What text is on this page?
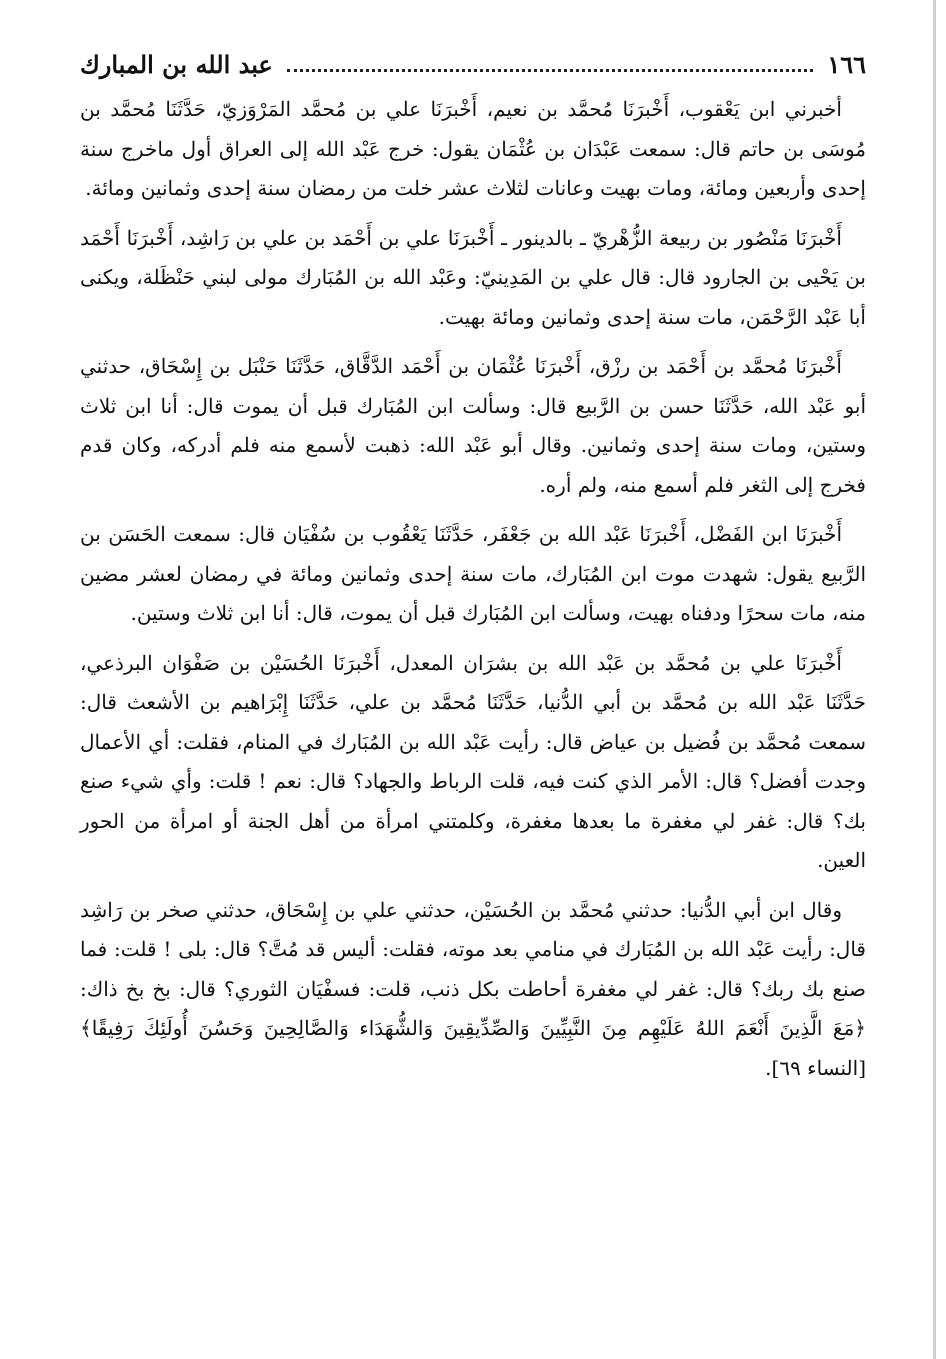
١٦٦
عبد الله بن المبارك

أخبرني ابن يَعْقوب، أَخْبرَنَا مُحمَّد بن نعيم، أَخْبرَنَا علي بن مُحمَّد المَرْوَزيّ، حَدَّثَنَا مُحمَّد بن مُوسَى بن حاتم قال: سمعت عَبْدَان بن عُثْمَان يقول: خرج عَبْد الله إلى العراق أول ماخرج سنة إحدى وأربعين ومائة، ومات بهيت وعانات لثلاث عشر خلت من رمضان سنة إحدى وثمانين ومائة.

أَخْبرَنَا مَنْصُور بن ربيعة الزُّهْريّ ـ بالدينور ـ أَخْبرَنَا علي بن أَحْمَد بن علي بن رَاشِد، أَخْبرَنَا أَحْمَد بن يَحْيى بن الجارود قال: قال علي بن المَدِينيّ: وعَبْد الله بن المُبَارك مولى لبني حَنْظَلة، ويكنى أبا عَبْد الرَّحْمَن، مات سنة إحدى وثمانين ومائة بهيت.

أَخْبرَنَا مُحمَّد بن أَحْمَد بن رزْق، أَخْبرَنَا عُثْمَان بن أَحْمَد الدَّقَّاق، حَدَّثَنَا حَنْبَل بن إِسْحَاق، حدثني أبو عَبْد الله، حَدَّثَنَا حسن بن الرَّبيع قال: وسألت ابن المُبَارك قبل أن يموت قال: أنا ابن ثلاث وستين، ومات سنة إحدى وثمانين. وقال أبو عَبْد الله: ذهبت لأسمع منه فلم أدركه، وكان قدم فخرج إلى الثغر فلم أسمع منه، ولم أره.

أَخْبرَنَا ابن الفَضْل، أَخْبرَنَا عَبْد الله بن جَعْفَر، حَدَّثَنَا يَعْقُوب بن سُفْيَان قال: سمعت الحَسَن بن الرَّبيع يقول: شهدت موت ابن المُبَارك، مات سنة إحدى وثمانين ومائة في رمضان لعشر مضين منه، مات سحرًا ودفناه بهيت، وسألت ابن المُبَارك قبل أن يموت، قال: أنا ابن ثلاث وستين.

أَخْبرَنَا علي بن مُحمَّد بن عَبْد الله بن بشرَان المعدل، أَخْبرَنَا الحُسَيْن بن صَفْوَان البرذعي، حَدَّثَنَا عَبْد الله بن مُحمَّد بن أبي الدُّنيا، حَدَّثَنَا مُحمَّد بن علي، حَدَّثَنَا إِبْرَاهيم بن الأشعث قال: سمعت مُحمَّد بن فُضيل بن عياض قال: رأيت عَبْد الله بن المُبَارك في المنام، فقلت: أي الأعمال وجدت أفضل؟ قال: الأمر الذي كنت فيه، قلت الرباط والجهاد؟ قال: نعم ! قلت: وأي شيء صنع بك؟ قال: غفر لي مغفرة ما بعدها مغفرة، وكلمتني امرأة من أهل الجنة أو امرأة من الحور العين.

وقال ابن أبي الدُّنيا: حدثني مُحمَّد بن الحُسَيْن، حدثني علي بن إِسْحَاق، حدثني صخر بن رَاشِد قال: رأيت عَبْد الله بن المُبَارك في منامي بعد موته، فقلت: أليس قد مُتَّ؟ قال: بلى ! قلت: فما صنع بك ربك؟ قال: غفر لي مغفرة أحاطت بكل ذنب، قلت: فسفْيَان الثوري؟ قال: بخ بخ ذاك: ﴿مَعَ الَّذِينَ أَنْعَمَ اللهُ عَلَيْهِم مِنَ النَّبِيِّينَ وَالصِّدِّيقِينَ وَالشُّهَدَاء وَالصَّالِحِينَ وَحَسُنَ أُولَئِكَ رَفِيقًا﴾ [النساء ٦٩].
